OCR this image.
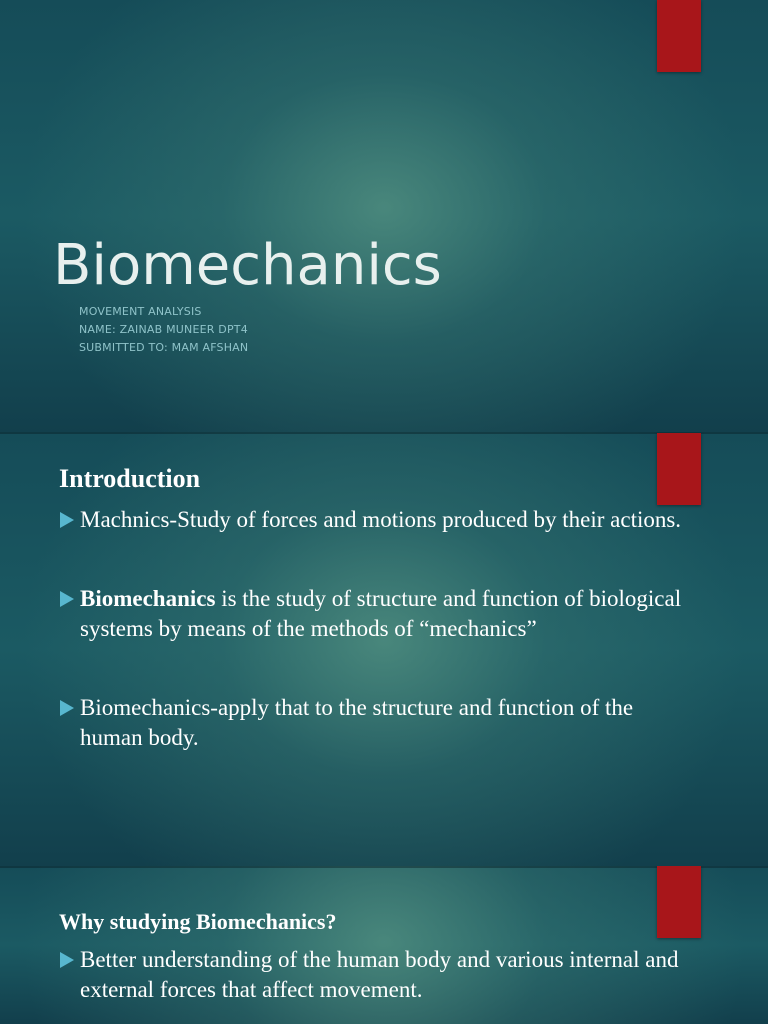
Biomechanics
MOVEMENT ANALYSIS
NAME: ZAINAB MUNEER DPT4
SUBMITTED TO: MAM AFSHAN
Introduction
Machnics-Study of forces and motions produced by their actions.
Biomechanics is the study of structure and function of biological systems by means of the methods of “mechanics”
Biomechanics-apply that to the structure and function of the human body.
Why studying Biomechanics?
Better understanding of the human body and various internal and external forces that affect movement.
